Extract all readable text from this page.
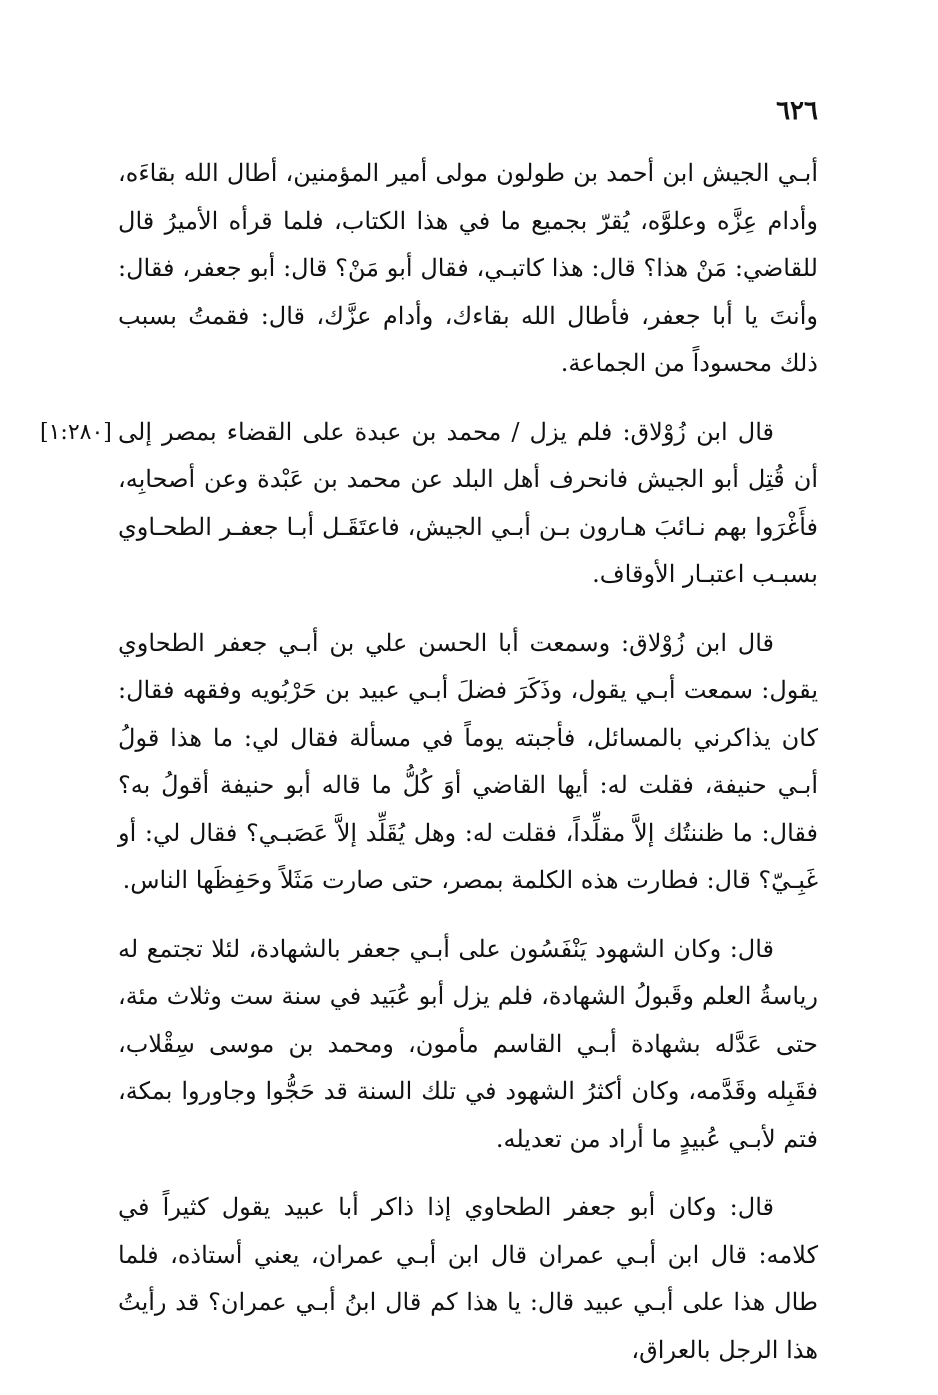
٦٢٦

أبـي الجيش ابن أحمد بن طولون مولى أمير المؤمنين، أطال الله بقاءَه، وأدام عِزَّه وعلوَّه، يُقرّ بجميع ما في هذا الكتاب، فلما قرأه الأميرُ قال للقاضي: مَنْ هذا؟ قال: هذا كاتبـي، فقال أبو مَنْ؟ قال: أبو جعفر، فقال: وأنتَ يا أبا جعفر، فأطال الله بقاءك، وأدام عزَّك، قال: فقمتُ بسبب ذلك محسوداً من الجماعة.

[١:٢٨٠] قال ابن زُوْلاق: فلم يزل / محمد بن عبدة على القضاء بمصر إلى أن قُتِل أبو الجيش فانحرف أهل البلد عن محمد بن عَبْدة وعن أصحابِه، فأَغْرَوا بهم نـائبَ هـارون بـن أبـي الجيش، فاعتَقَـل أبـا جعفـر الطحـاوي بسبـب اعتبـار الأوقاف.

قال ابن زُوْلاق: وسمعت أبا الحسن علي بن أبـي جعفر الطحاوي يقول: سمعت أبـي يقول، وذَكَرَ فضلَ أبـي عبيد بن حَرْبُويه وفقهه فقال: كان يذاكرني بالمسائل، فأجبته يوماً في مسألة فقال لي: ما هذا قولُ أبـي حنيفة، فقلت له: أيها القاضي أوَ كُلُّ ما قاله أبو حنيفة أقولُ به؟ فقال: ما ظننتُك إلاَّ مقلِّداً، فقلت له: وهل يُقَلِّد إلاَّ عَصَبـي؟ فقال لي: أو غَبِـيّ؟ قال: فطارت هذه الكلمة بمصر، حتى صارت مَثَلاً وحَفِظَها الناس.

قال: وكان الشهود يَنْفَسُون على أبـي جعفر بالشهادة، لئلا تجتمع له رياسةُ العلم وقَبولُ الشهادة، فلم يزل أبو عُبَيد في سنة ست وثلاث مئة، حتى عَدَّله بشهادة أبـي القاسم مأمون، ومحمد بن موسى سِقْلاب، فقَبِله وقَدَّمه، وكان أكثرُ الشهود في تلك السنة قد حَجُّوا وجاوروا بمكة، فتم لأبـي عُبيدٍ ما أراد من تعديله.

قال: وكان أبو جعفر الطحاوي إذا ذاكر أبا عبيد يقول كثيراً في كلامه: قال ابن أبـي عمران قال ابن أبـي عمران، يعني أستاذه، فلما طال هذا على أبـي عبيد قال: يا هذا كم قال ابنُ أبـي عمران؟ قد رأيتُ هذا الرجل بالعراق،
